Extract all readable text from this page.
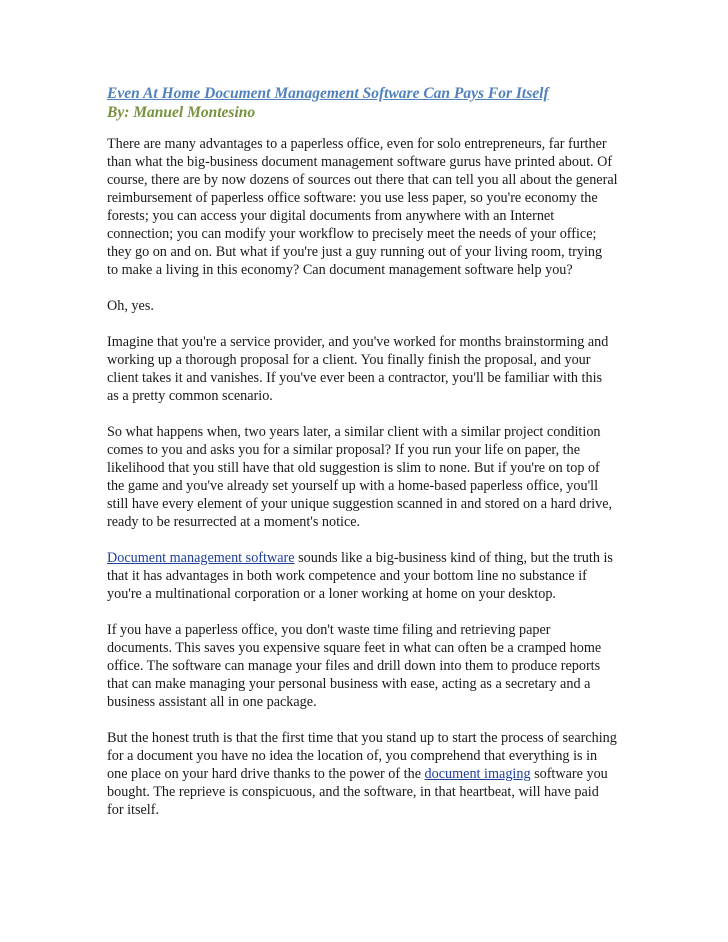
Even At Home Document Management Software Can Pays For Itself
By: Manuel Montesino
There are many advantages to a paperless office, even for solo entrepreneurs, far further
than what the big-business document management software gurus have printed about. Of
course, there are by now dozens of sources out there that can tell you all about the general
reimbursement of paperless office software: you use less paper, so you're economy the
forests; you can access your digital documents from anywhere with an Internet
connection; you can modify your workflow to precisely meet the needs of your office;
they go on and on. But what if you're just a guy running out of your living room, trying
to make a living in this economy? Can document management software help you?
Oh, yes.
Imagine that you're a service provider, and you've worked for months brainstorming and
working up a thorough proposal for a client. You finally finish the proposal, and your
client takes it and vanishes. If you've ever been a contractor, you'll be familiar with this
as a pretty common scenario.
So what happens when, two years later, a similar client with a similar project condition
comes to you and asks you for a similar proposal? If you run your life on paper, the
likelihood that you still have that old suggestion is slim to none. But if you're on top of
the game and you've already set yourself up with a home-based paperless office, you'll
still have every element of your unique suggestion scanned in and stored on a hard drive,
ready to be resurrected at a moment's notice.
Document management software sounds like a big-business kind of thing, but the truth is
that it has advantages in both work competence and your bottom line no substance if
you're a multinational corporation or a loner working at home on your desktop.
If you have a paperless office, you don't waste time filing and retrieving paper
documents. This saves you expensive square feet in what can often be a cramped home
office. The software can manage your files and drill down into them to produce reports
that can make managing your personal business with ease, acting as a secretary and a
business assistant all in one package.
But the honest truth is that the first time that you stand up to start the process of searching
for a document you have no idea the location of, you comprehend that everything is in
one place on your hard drive thanks to the power of the document imaging software you
bought. The reprieve is conspicuous, and the software, in that heartbeat, will have paid
for itself.
